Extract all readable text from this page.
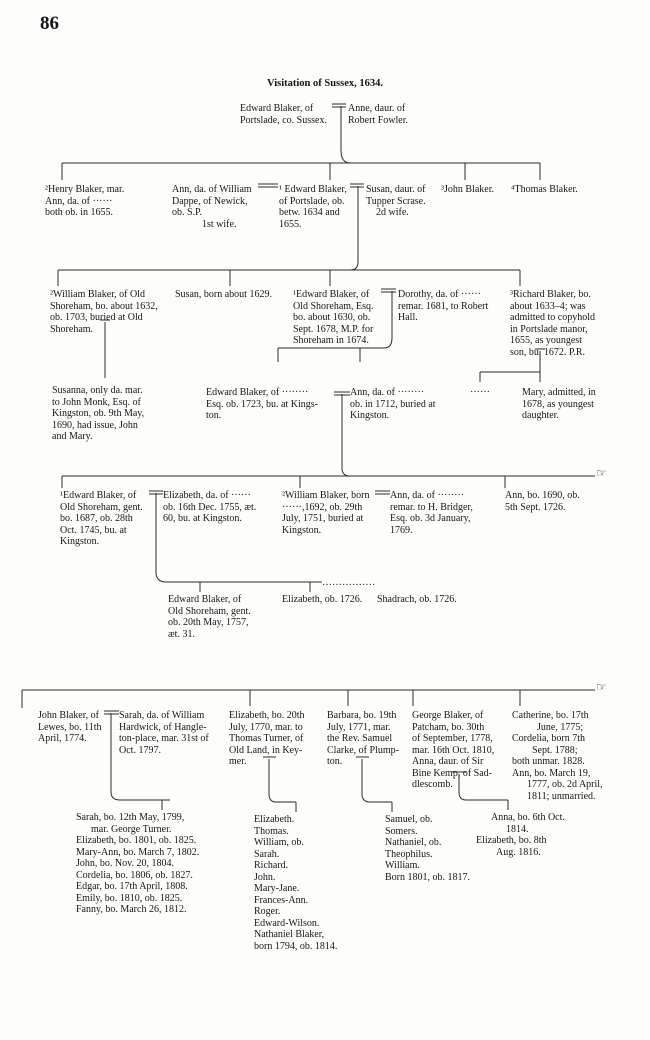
86
Visitation of Sussex, 1634.
☞
☞
Edward Blaker, of
Portslade, co. Sussex.
Anne, daur. of
Robert Fowler.
²Henry Blaker, mar.
Ann, da. of ······
both ob. in 1655.
Ann, da. of William
Dappe, of Newick,
ob. S.P.
   1st wife.
¹ Edward Blaker,
of Portslade, ob.
betw. 1634 and
1655.
Susan, daur. of
Tupper Scrase.
  2d wife.
³John Blaker. ⁴Thomas Blaker.
²William Blaker, of Old
Shoreham, bo. about 1632,
ob. 1703, buried at Old
Shoreham.
Susan, born about 1629. ¹Edward Blaker, of
Old Shoreham, Esq.
bo. about 1630, ob.
Sept. 1678, M.P. for
Shoreham in 1674.
Dorothy, da. of ······
remar. 1681, to Robert
Hall.
³Richard Blaker, bo.
about 1633–4; was
admitted to copyhold
in Portslade manor,
1655, as youngest
son, bu. 1672. P.R.
Susanna, only da. mar.
to John Monk, Esq. of
Kingston, ob. 9th May,
1690, had issue, John
and Mary.
Edward Blaker, of ········
Esq. ob. 1723, bu. at Kings-
ton.
Ann, da. of ········
ob. in 1712, buried at
Kingston.
······	Mary, admitted, in
1678, as youngest
daughter.
¹Edward Blaker, of
Old Shoreham, gent.
bo. 1687, ob. 28th
Oct. 1745, bu. at
Kingston.
Elizabeth, da. of ······
ob. 16th Dec. 1755, æt.
60, bu. at Kingston.
²William Blaker, born
······,1692, ob. 29th
July, 1751, buried at
Kingston.
Ann, da. of ········
remar. to H. Bridger,
Esq. ob. 3d January,
1769.
Ann, bo. 1690, ob.
5th Sept. 1726.
················
Edward Blaker, of
Old Shoreham, gent.
ob. 20th May, 1757,
æt. 31.
Elizabeth, ob. 1726. Shadrach, ob. 1726.
John Blaker, of
Lewes, bo. 11th
April, 1774.
Sarah, da. of William
Hardwick, of Hangle-
ton-place, mar. 31st of
Oct. 1797.
Elizabeth, bo. 20th
July, 1770, mar. to
Thomas Turner, of
Old Land, in Key-
mer.
Barbara, bo. 19th
July, 1771, mar.
the Rev. Samuel
Clarke, of Plump-
ton.
George Blaker, of
Patcham, bo. 30th
of September, 1778,
mar. 16th Oct. 1810,
Anna, daur. of Sir
Bine Kemp, of Sad-
dlescomb.
Catherine, bo. 17th
   June, 1775;
Cordelia, born 7th
  Sept. 1788;
both unmar. 1828.
Ann, bo. March 19,
  1777, ob. 2d April,
  1811; unmarried.
Sarah, bo. 12th May, 1799,
  mar. George Turner.
Elizabeth, bo. 1801, ob. 1825.
Mary-Ann, bo. March 7, 1802.
John, bo. Nov. 20, 1804.
Cordelia, bo. 1806, ob. 1827.
Edgar, bo. 17th April, 1808.
Emily, bo. 1810, ob. 1825.
Fanny, bo. March 26, 1812.
Elizabeth.
Thomas.
William, ob.
Sarah.
Richard.
John.
Mary-Jane.
Frances-Ann.
Roger.
Edward-Wilson.
Nathaniel Blaker,
born 1794, ob. 1814.
Samuel, ob.
Somers.
Nathaniel, ob.
Theophilus.
William.
Born 1801, ob. 1817.
  Anna, bo. 6th Oct.
   1814.
Elizabeth, bo. 8th
  Aug. 1816.
